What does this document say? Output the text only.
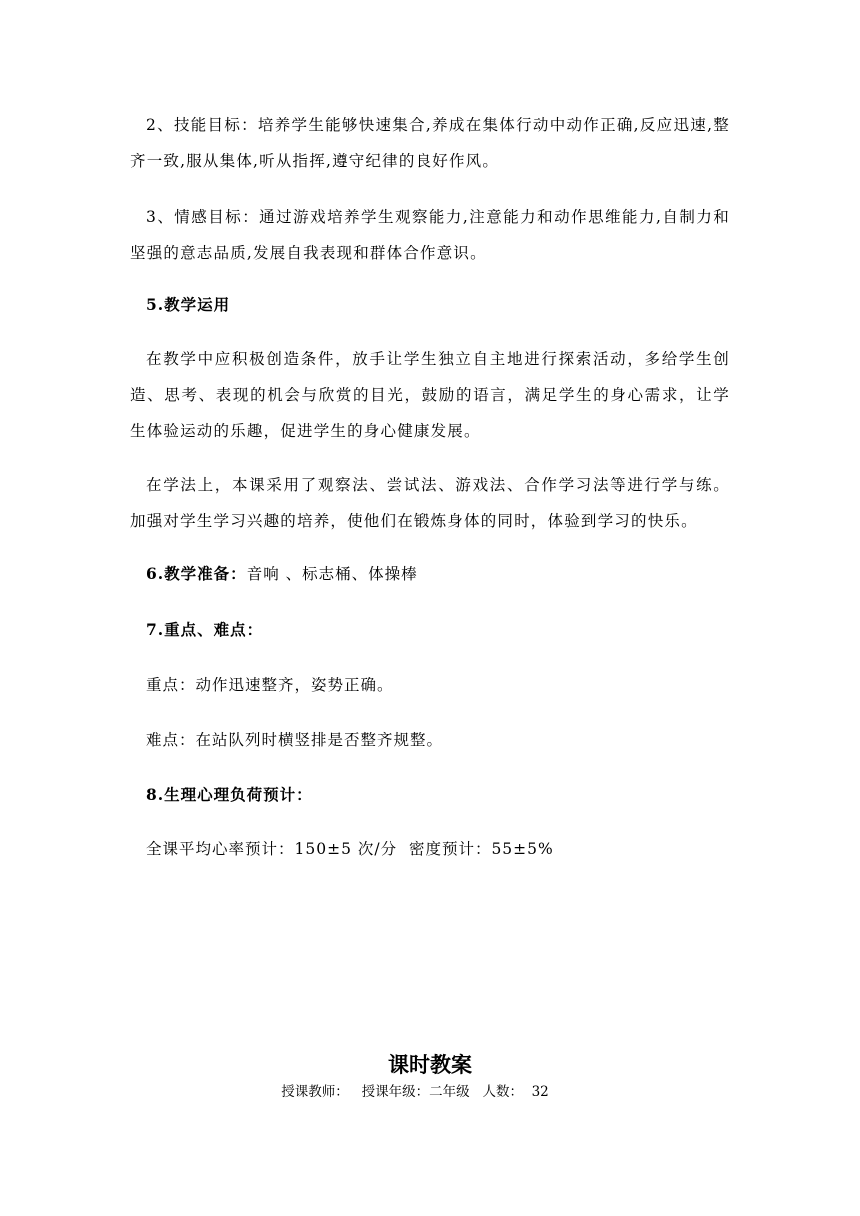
2、技能目标：培养学生能够快速集合,养成在集体行动中动作正确,反应迅速,整齐一致,服从集体,听从指挥,遵守纪律的良好作风。
3、情感目标：通过游戏培养学生观察能力,注意能力和动作思维能力,自制力和坚强的意志品质,发展自我表现和群体合作意识。
5.教学运用
在教学中应积极创造条件，放手让学生独立自主地进行探索活动，多给学生创造、思考、表现的机会与欣赏的目光，鼓励的语言，满足学生的身心需求，让学生体验运动的乐趣，促进学生的身心健康发展。
在学法上，本课采用了观察法、尝试法、游戏法、合作学习法等进行学与练。加强对学生学习兴趣的培养，使他们在锻炼身体的同时，体验到学习的快乐。
6.教学准备：音响 、标志桶、体操棒
7.重点、难点：
重点：动作迅速整齐，姿势正确。
难点：在站队列时横竖排是否整齐规整。
8.生理心理负荷预计：
全课平均心率预计：150±5 次/分  密度预计：55±5%
课时教案
授课教师：   授课年级：二年级   人数：  32
